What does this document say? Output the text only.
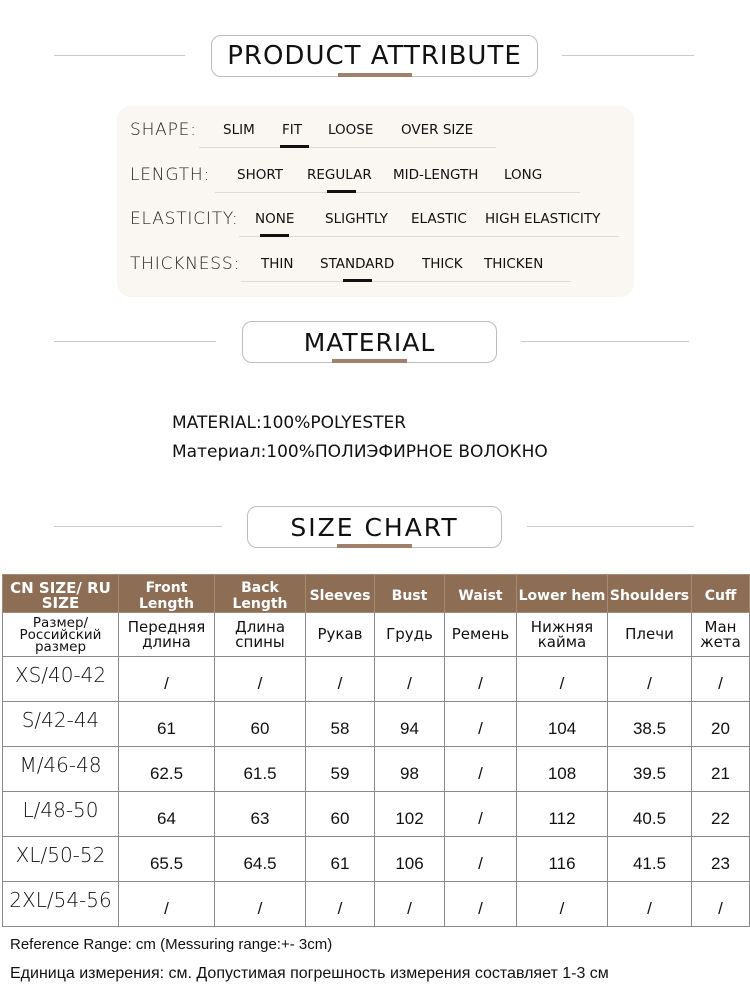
PRODUCT ATTRIBUTE
SHAPE: SLIM FIT LOOSE OVER SIZE
LENGTH: SHORT REGULAR MID-LENGTH LONG
ELASTICITY: NONE SLIGHTLY ELASTIC HIGH ELASTICITY
THICKNESS: THIN STANDARD THICK THICKEN
MATERIAL
MATERIAL:100%POLYESTER
Материал:100%ПОЛИЭФИРНОЕ ВОЛОКНО
SIZE CHART
CN SIZE/ RU SIZE	Front Length	Back Length	Sleeves	Bust	Waist	Lower hem	Shoulders	Cuff
Размер/ Российский размер	Передняя длина	Длина спины	Рукав	Грудь	Ремень	Нижняя кайма	Плечи	Ман жета
XS/40-42	/	/	/	/	/	/	/	/
S/42-44	61	60	58	94	/	104	38.5	20
M/46-48	62.5	61.5	59	98	/	108	39.5	21
L/48-50	64	63	60	102	/	112	40.5	22
XL/50-52	65.5	64.5	61	106	/	116	41.5	23
2XL/54-56	/	/	/	/	/	/	/	/
Reference Range: cm (Messuring range:+- 3cm)
Единица измерения: см. Допустимая погрешность измерения составляет 1-3 см
